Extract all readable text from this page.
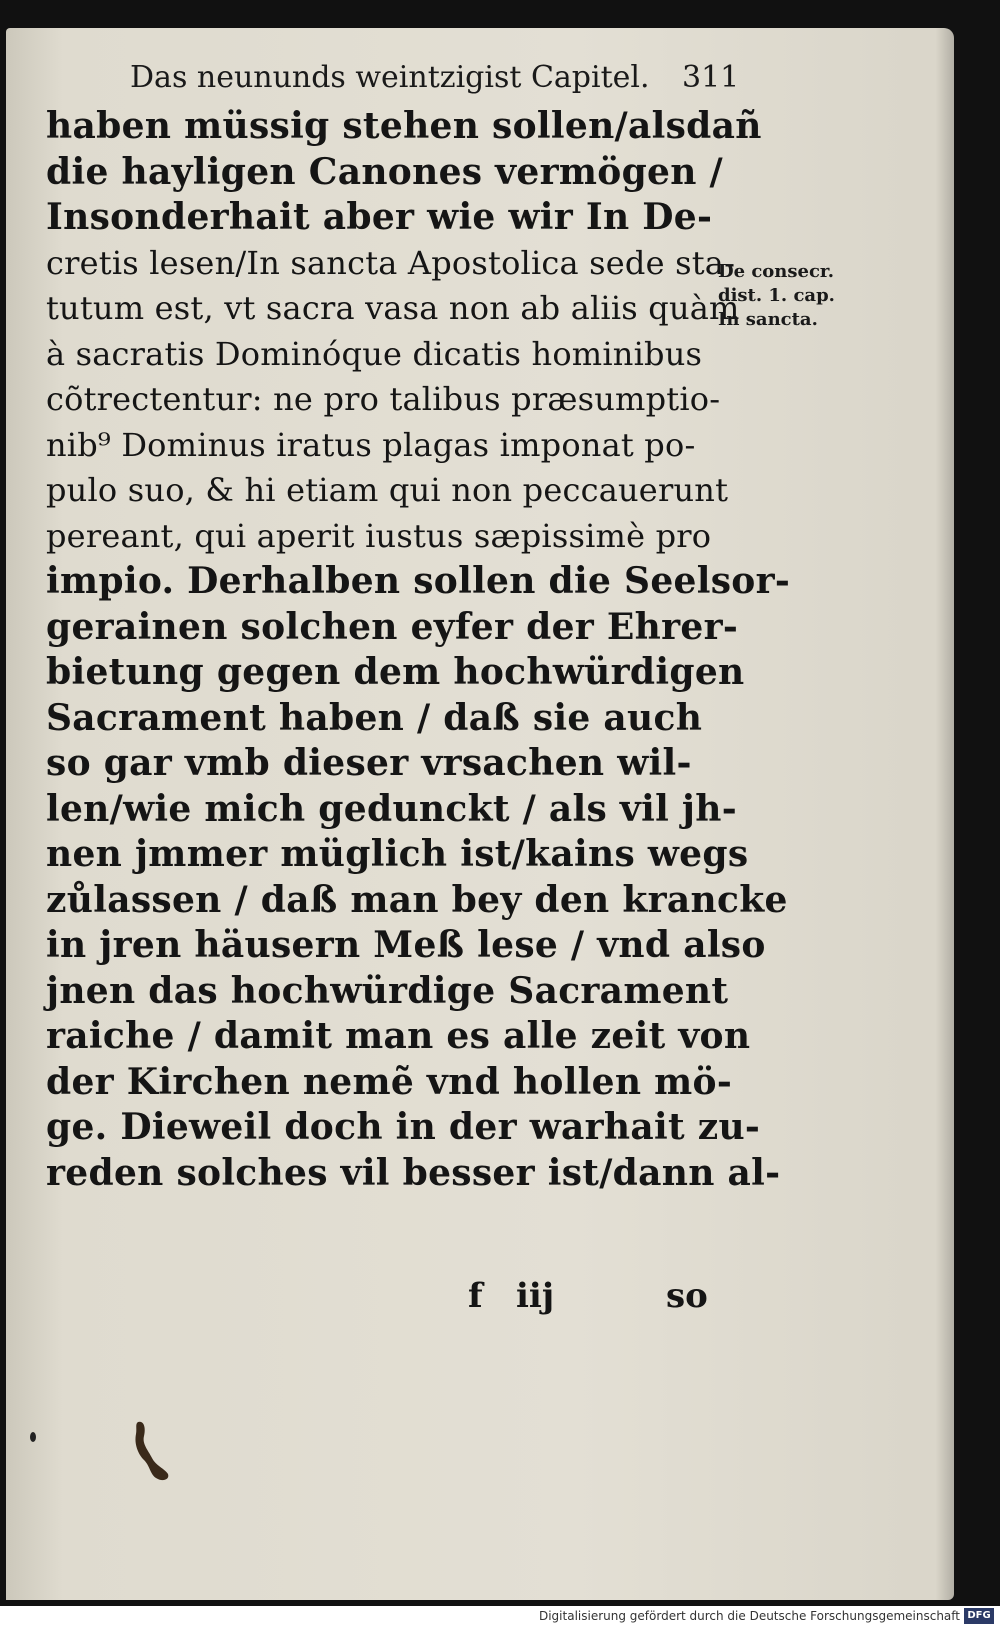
Das neununds weintzigist Capitel. 311
haben müssig stehen sollen/alsdañ
die hayligen Canones vermögen /
Insonderhait aber wie wir In De-
cretis lesen/In sancta Apostolica sede sta-
tutum est, vt sacra vasa non ab aliis quàm
à sacratis Dominóque dicatis hominibus
cõtrectentur: ne pro talibus præsumptio-
nib⁹ Dominus iratus plagas imponat po-
pulo suo, & hi etiam qui non peccauerunt
pereant, qui aperit iustus sæpissimè pro
impio. Derhalben sollen die Seelsor-
gerainen solchen eyfer der Ehrer-
bietung gegen dem hochwürdigen
Sacrament haben / daß sie auch
so gar vmb dieser vrsachen wil-
len/wie mich gedunckt / als vil jh-
nen jmmer müglich ist/kains wegs
zůlassen / daß man bey den krancke
in jren häusern Meß lese / vnd also
jnen das hochwürdige Sacrament
raiche / damit man es alle zeit von
der Kirchen nemẽ vnd hollen mö-
ge. Dieweil doch in der warhait zu-
reden solches vil besser ist/dann al-
De consecr.
dist. 1. cap.
In sancta.
f iij	so
Digitalisierung gefördert durch die Deutsche Forschungsgemeinschaft DFG
